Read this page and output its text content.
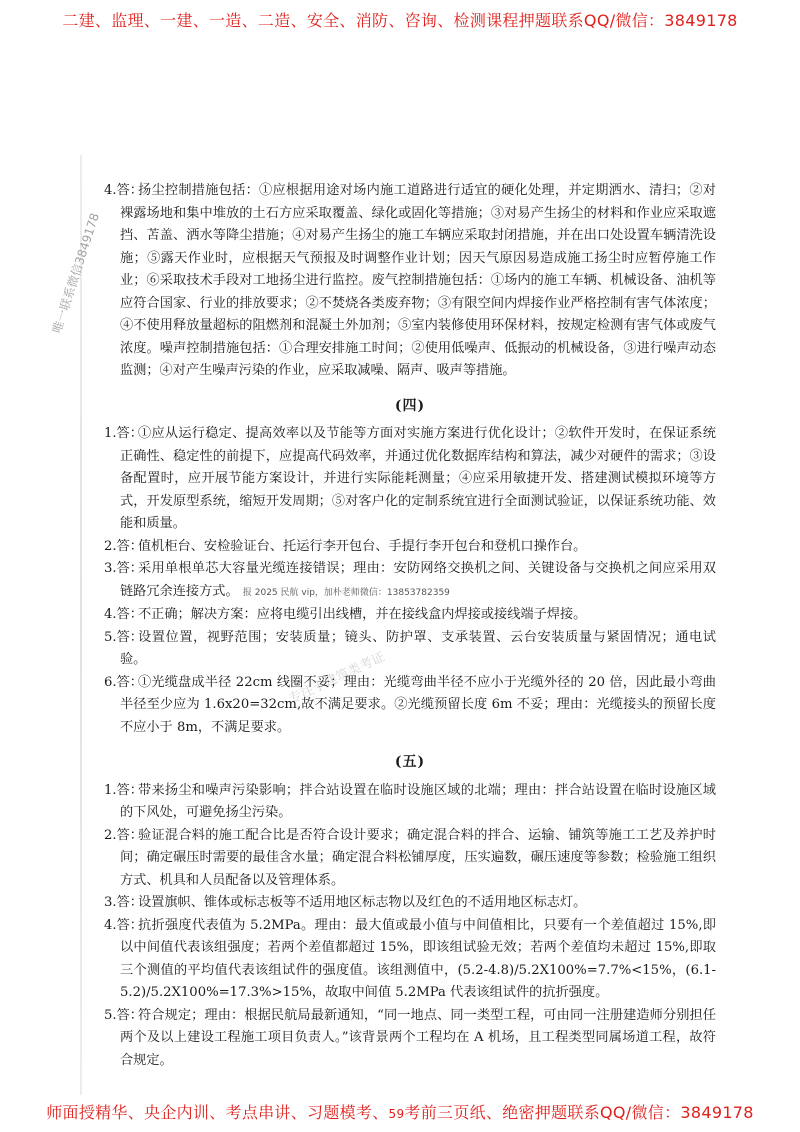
二建、监理、一建、一造、二造、安全、消防、咨询、检测课程押题联系QQ/微信：3849178
唯一联系微信3849178
专注于建筑类考证

4.答：
扬尘控制措施包括：①应根据用途对场内施工道路进行适宜的硬化处理，并定期洒水、清扫；②对裸露场地和集中堆放的土石方应采取覆盖、绿化或固化等措施；③对易产生扬尘的材料和作业应采取遮挡、苫盖、洒水等降尘措施；④对易产生扬尘的施工车辆应采取封闭措施，并在出口处设置车辆清洗设施；⑤露天作业时，应根据天气预报及时调整作业计划；因天气原因易造成施工扬尘时应暂停施工作业；⑥采取技术手段对工地扬尘进行监控。废气控制措施包括：①场内的施工车辆、机械设备、油机等应符合国家、行业的排放要求；②不焚烧各类废弃物；③有限空间内焊接作业严格控制有害气体浓度；④不使用释放量超标的阻燃剂和混凝土外加剂；⑤室内装修使用环保材料，按规定检测有害气体或废气浓度。噪声控制措施包括：①合理安排施工时间；②使用低噪声、低振动的机械设备，③进行噪声动态监测；④对产生噪声污染的作业，应采取减噪、隔声、吸声等措施。

(四)

1.答：
①应从运行稳定、提高效率以及节能等方面对实施方案进行优化设计；②软件开发时，在保证系统正确性、稳定性的前提下，应提高代码效率，并通过优化数据库结构和算法，减少对硬件的需求；③设备配置时，应开展节能方案设计，并进行实际能耗测量；④应采用敏捷开发、搭建测试模拟环境等方式，开发原型系统，缩短开发周期；⑤对客户化的定制系统宜进行全面测试验证，以保证系统功能、效能和质量。

2.答：
值机柜台、安检验证台、托运行李开包台、手提行李开包台和登机口操作台。

3.答：
采用单根单芯大容量光缆连接错误；理由：安防网络交换机之间、关键设备与交换机之间应采用双链路冗余连接方式。 报 2025 民航 vip，加朴老师微信：13853782359

4.答：
不正确；解决方案：应将电缆引出线槽，并在接线盒内焊接或接线端子焊接。

5.答：
设置位置，视野范围；安装质量；镜头、防护罩、支承装置、云台安装质量与紧固情况；通电试验。

6.答：
①光缆盘成半径 22cm 线圈不妥；理由：光缆弯曲半径不应小于光缆外径的 20 倍，因此最小弯曲半径至少应为 1.6x20=32cm,故不满足要求。②光缆预留长度 6m 不妥；理由：光缆接头的预留长度不应小于 8m，不满足要求。

(五)

1.答：
带来扬尘和噪声污染影响；拌合站设置在临时设施区域的北端；理由：拌合站设置在临时设施区域的下风处，可避免扬尘污染。

2.答：
验证混合料的施工配合比是否符合设计要求；确定混合料的拌合、运输、铺筑等施工工艺及养护时间；确定碾压时需要的最佳含水量；确定混合料松铺厚度，压实遍数，碾压速度等参数；检验施工组织方式、机具和人员配备以及管理体系。

3.答：
设置旗帜、锥体或标志板等不适用地区标志物以及红色的不适用地区标志灯。

4.答：
抗折强度代表值为 5.2MPa。理由：最大值或最小值与中间值相比，只要有一个差值超过 15%,即以中间值代表该组强度；若两个差值都超过 15%，即该组试验无效；若两个差值均未超过 15%,即取三个测值的平均值代表该组试件的强度值。该组测值中，(5.2-4.8)/5.2X100%=7.7%<15%，(6.1-5.2)/5.2X100%=17.3%>15%，故取中间值 5.2MPa 代表该组试件的抗折强度。

5.答：
符合规定；理由：根据民航局最新通知，“同一地点、同一类型工程，可由同一注册建造师分别担任两个及以上建设工程施工项目负责人。”该背景两个工程均在 A 机场，且工程类型同属场道工程，故符合规定。

师面授精华、央企内训、考点串讲、习题模考、59考前三页纸、绝密押题联系QQ/微信：3849178
